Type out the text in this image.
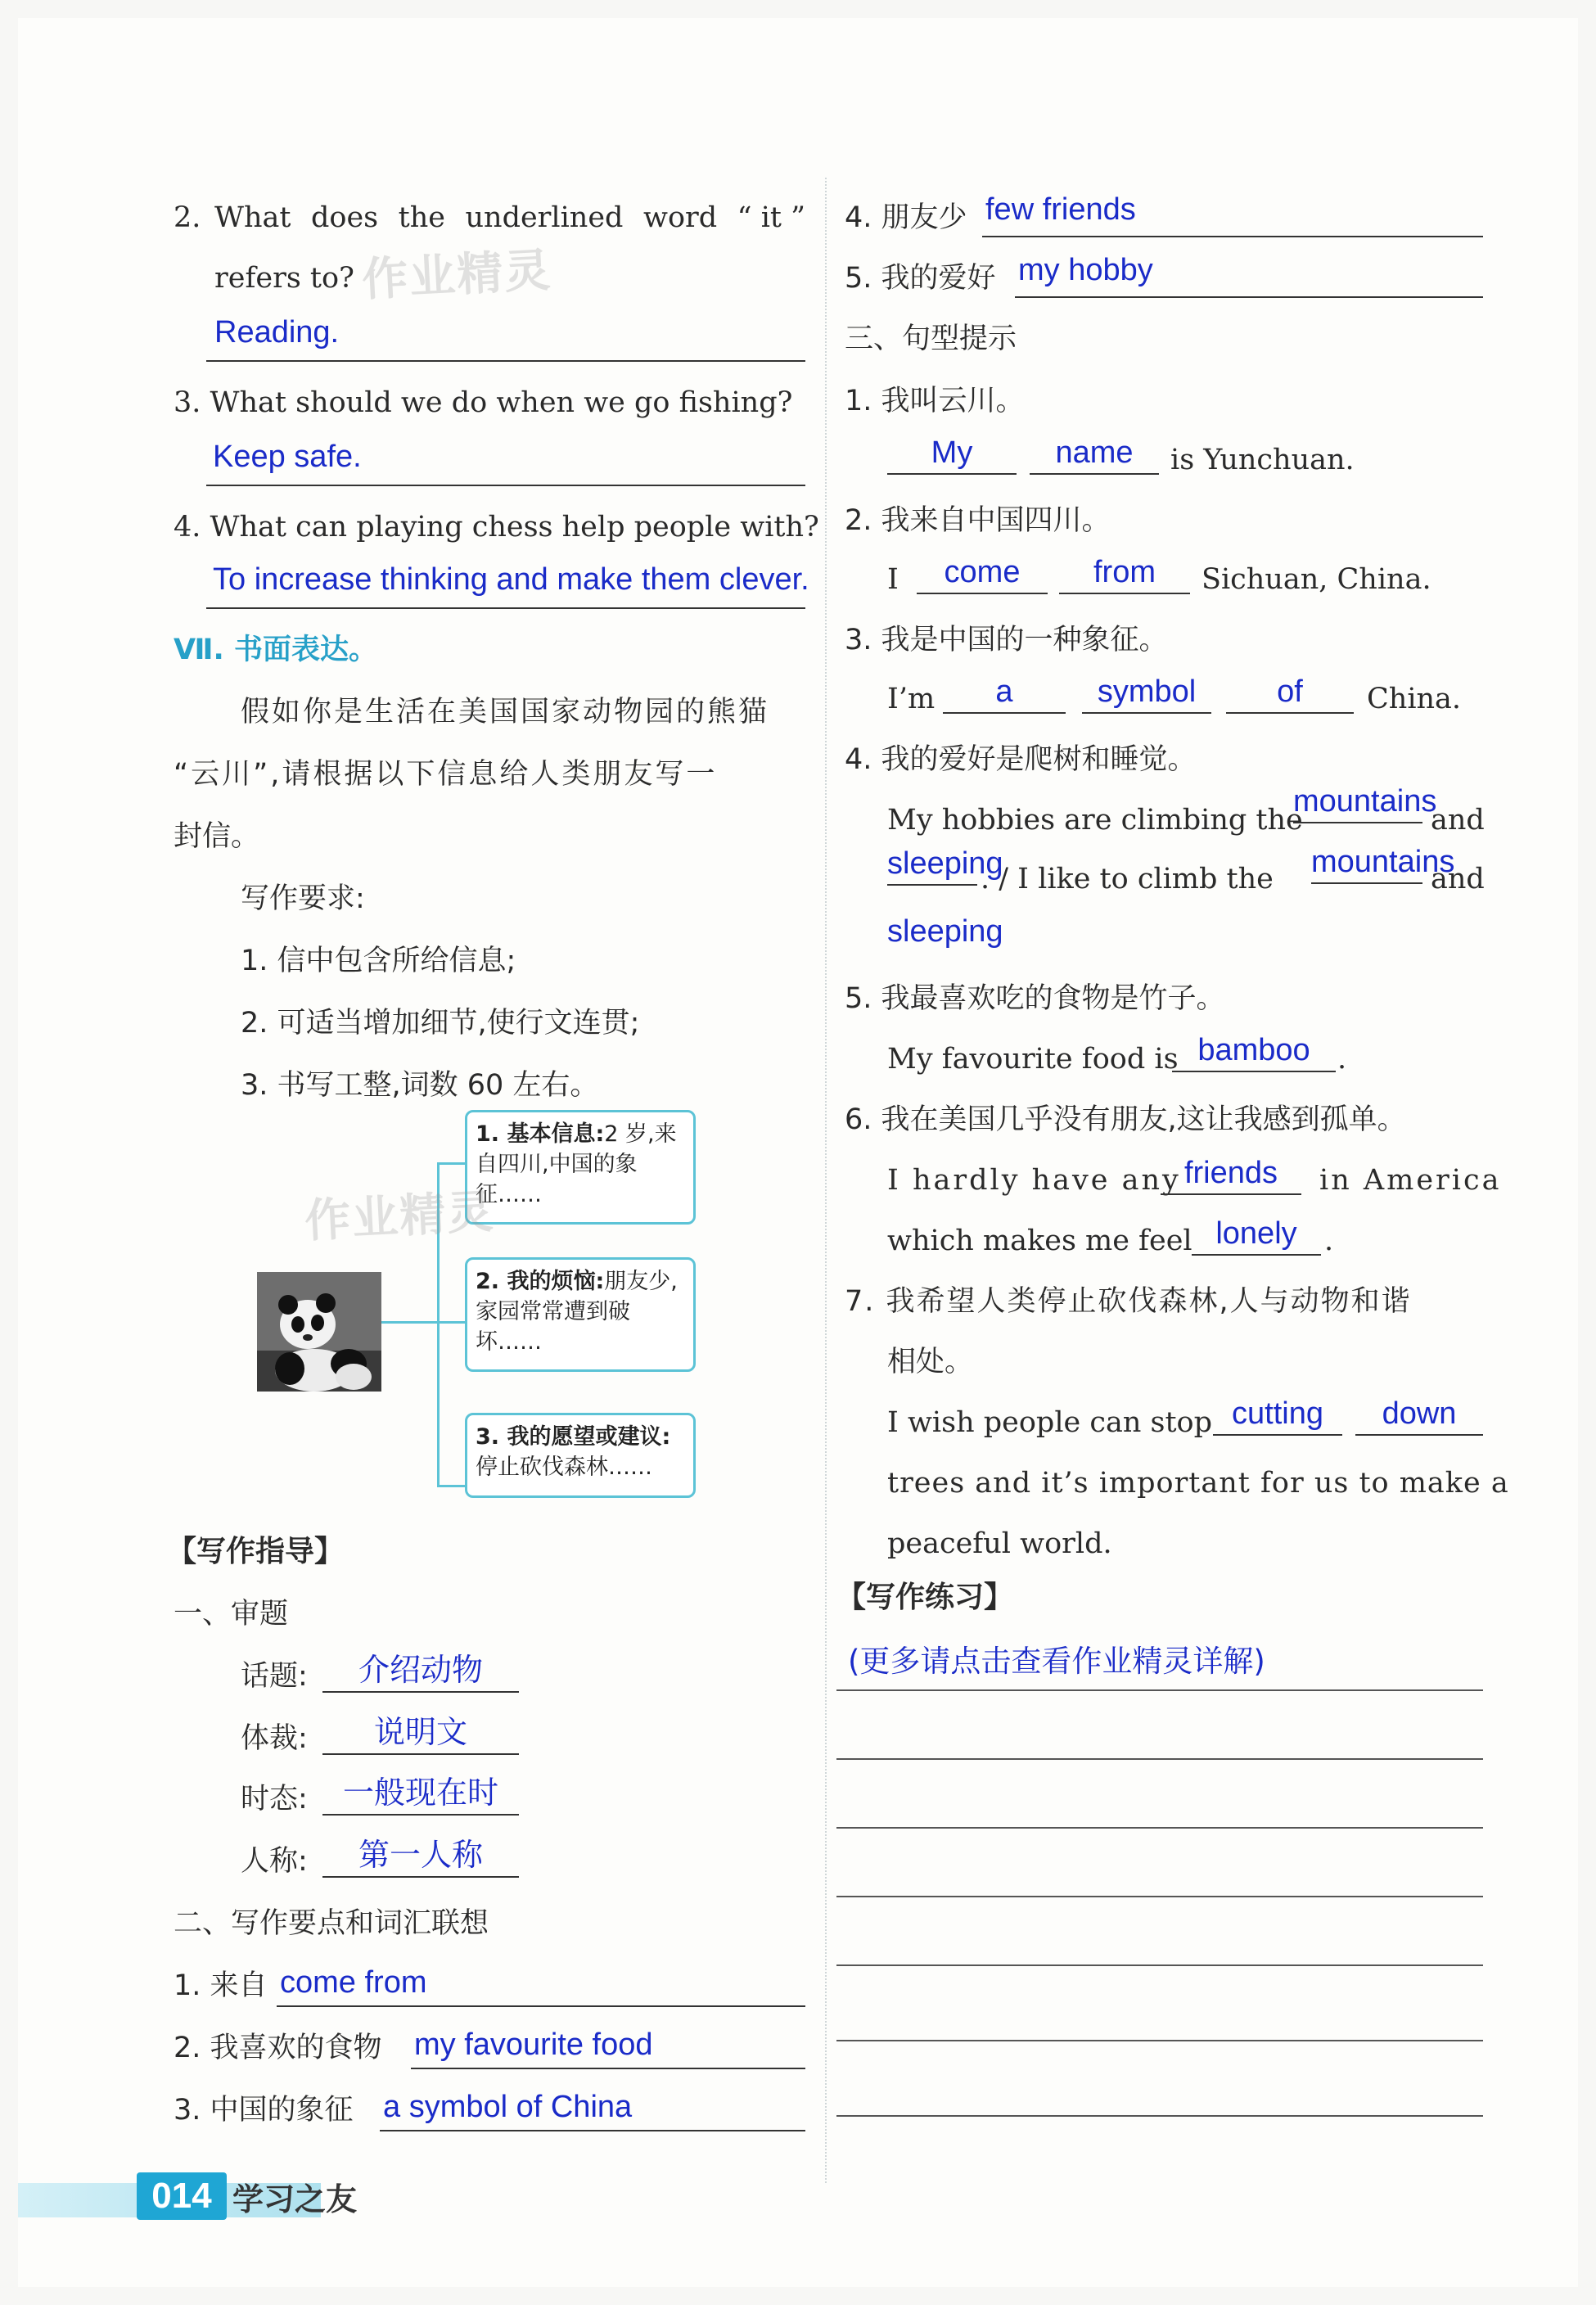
2. What does the underlined word “ it ”
refers to?
Reading.
3. What should we do when we go fishing?
Keep safe.
4. What can playing chess help people with?
To increase thinking and make them clever.
Ⅶ. 书面表达。
假如你是生活在美国国家动物园的熊猫
“云川”,请根据以下信息给人类朋友写一
封信。
写作要求:
1. 信中包含所给信息;
2. 可适当增加细节,使行文连贯;
3. 书写工整,词数 60 左右。
1. 基本信息:2 岁,来自四川,中国的象征……
2. 我的烦恼:朋友少,家园常常遭到破坏……
3. 我的愿望或建议:停止砍伐森林……
【写作指导】
一、审题
话题:	介绍动物
体裁:	说明文
时态:	一般现在时
人称:	第一人称
二、写作要点和词汇联想
1. 来自 come from
2. 我喜欢的食物 my favourite food
3. 中国的象征 a symbol of China
4. 朋友少 few friends
5. 我的爱好 my hobby
三、句型提示
1. 我叫云川。
My	name	is Yunchuan.
2. 我来自中国四川。
I	come	from	Sichuan, China.
3. 我是中国的一种象征。
I’m	a	symbol	of	China.
4. 我的爱好是爬树和睡觉。
My hobbies are climbing the
mountains
and
sleeping
. / I like to climb the mountains
and
sleeping
5. 我最喜欢吃的食物是竹子。
My favourite food is bamboo .
6. 我在美国几乎没有朋友,这让我感到孤单。
I hardly have any friends	in America
which makes me feel lonely .
7. 我希望人类停止砍伐森林,人与动物和谐
相处。
I wish people can stop cutting	down
trees and it’s important for us to make a
peaceful world.
【写作练习】
(更多请点击查看作业精灵详解)
作业精灵
作业精灵
014 学习之友
